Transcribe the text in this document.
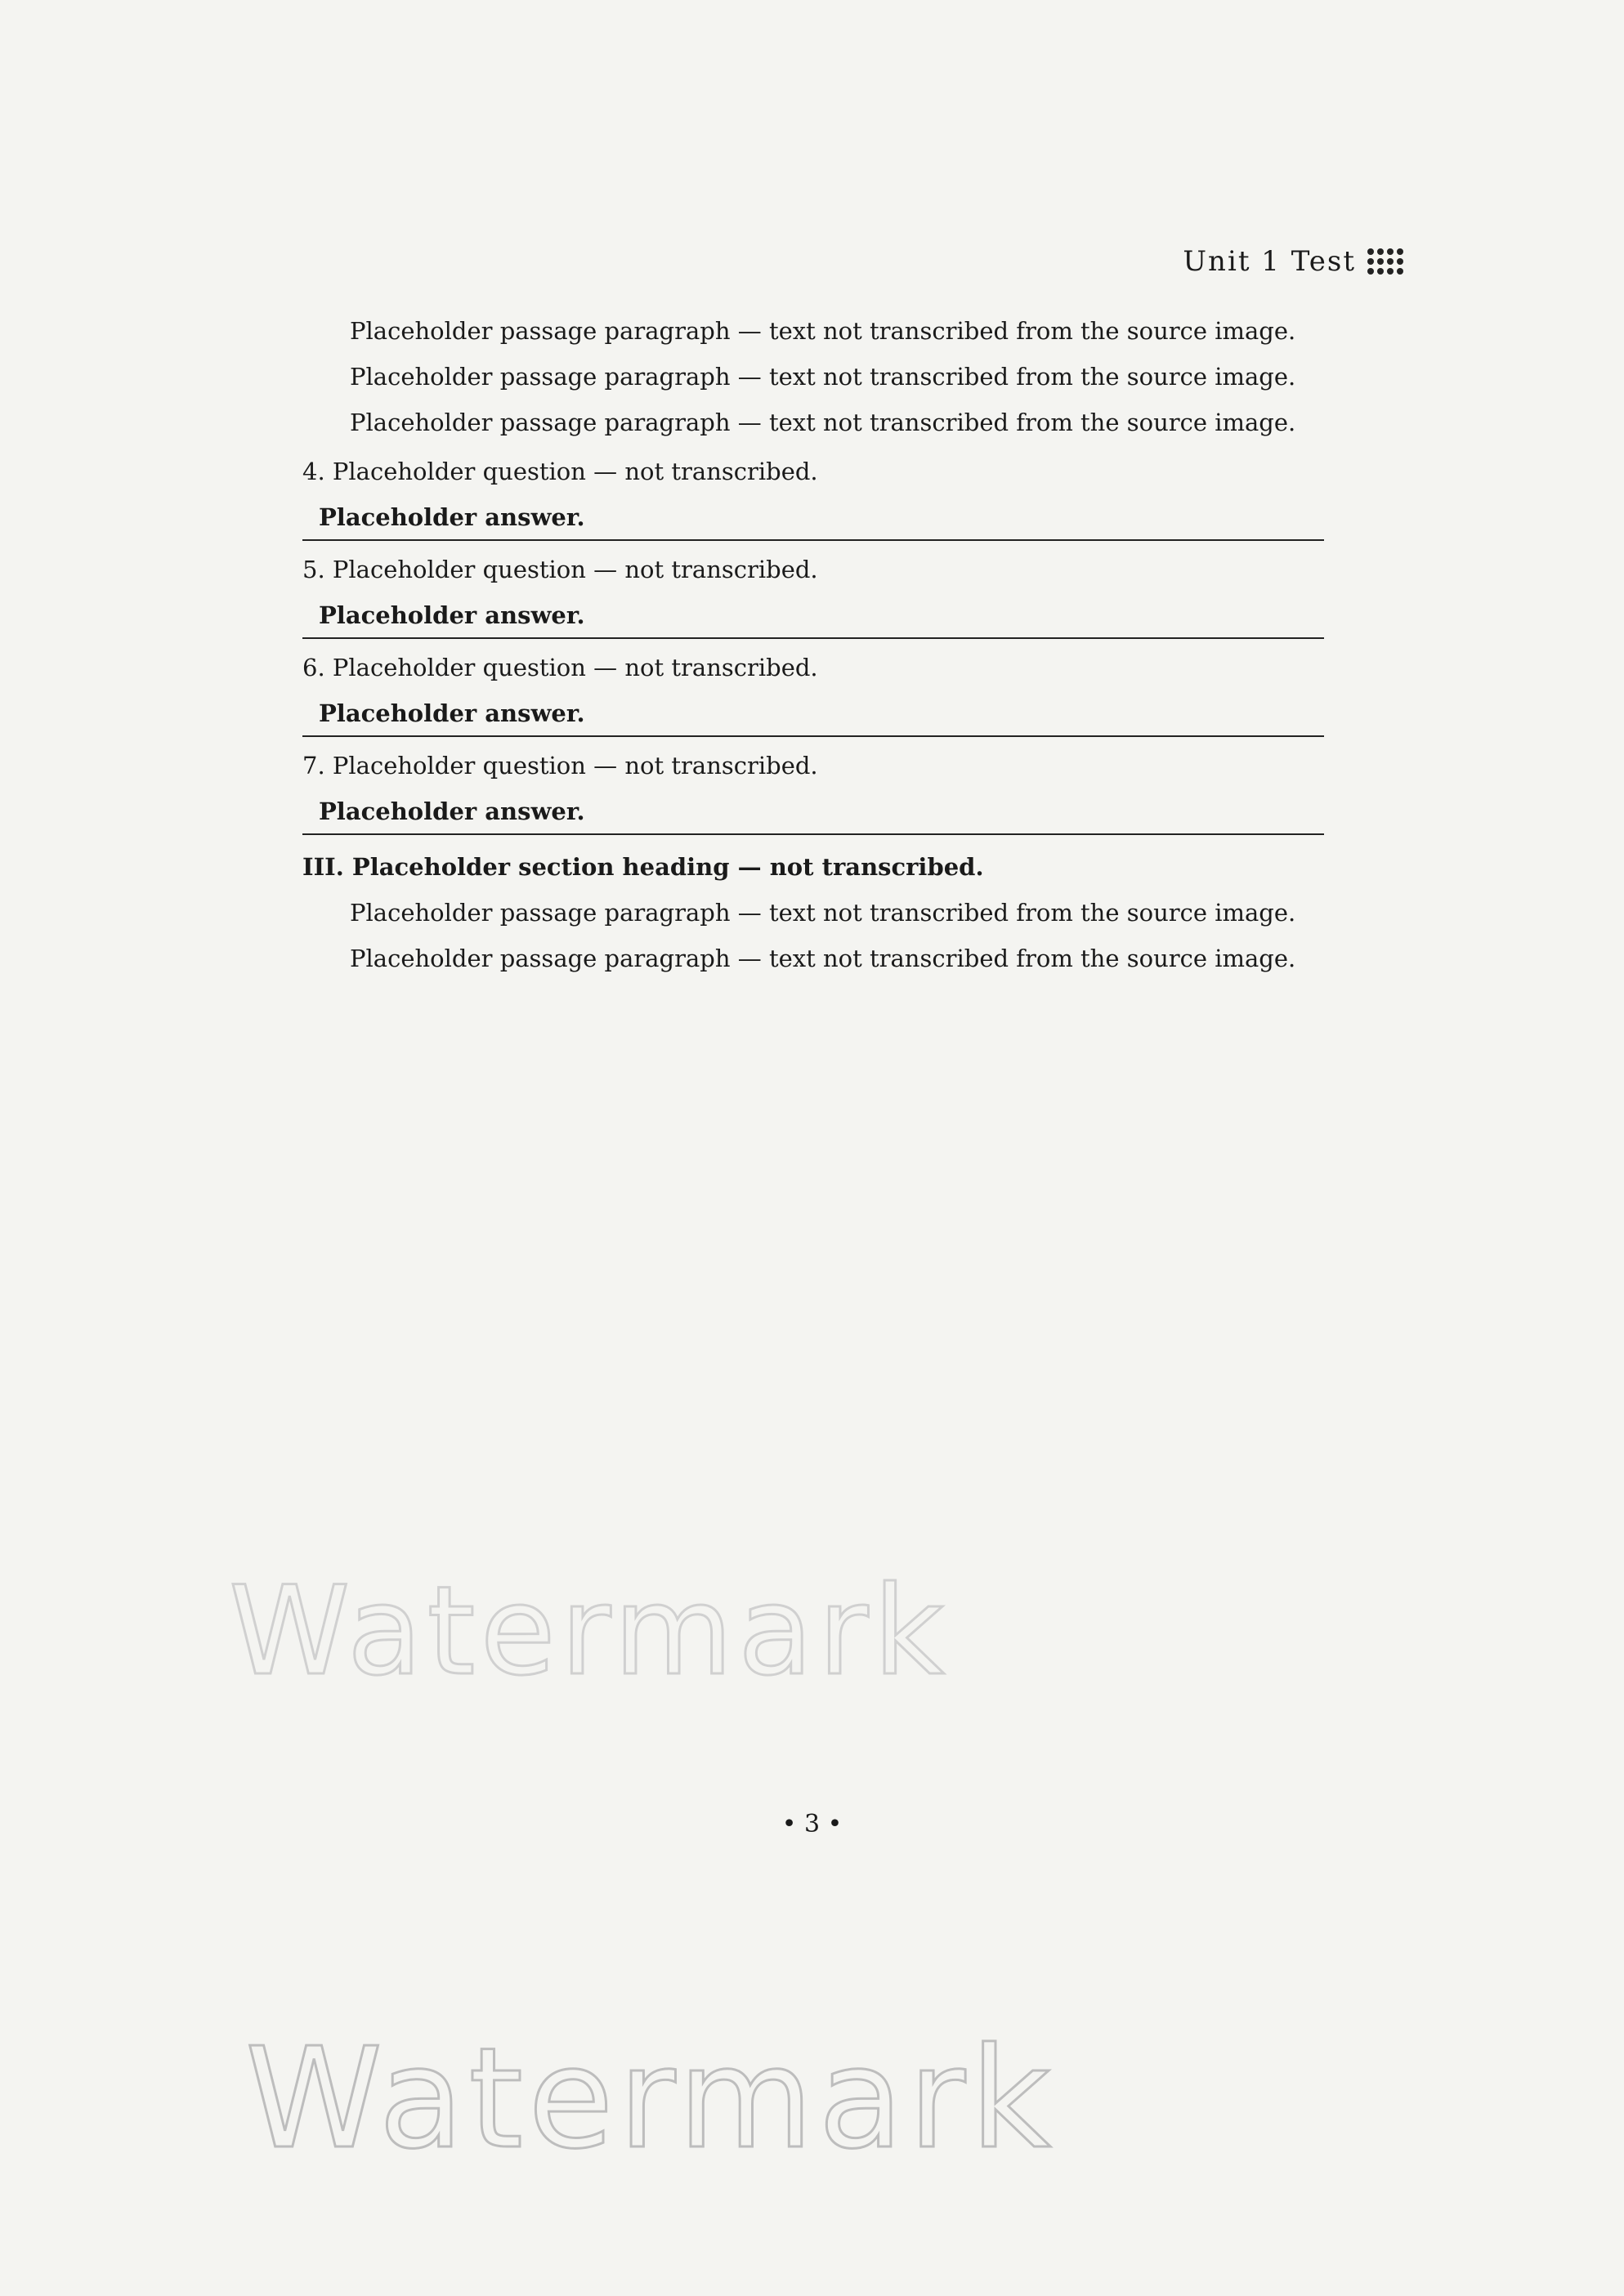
Unit 1 Test

Placeholder passage paragraph — text not transcribed from the source image.

Placeholder passage paragraph — text not transcribed from the source image.

Placeholder passage paragraph — text not transcribed from the source image.

4. Placeholder question — not transcribed.
Placeholder answer.
5. Placeholder question — not transcribed.
Placeholder answer.
6. Placeholder question — not transcribed.
Placeholder answer.
7. Placeholder question — not transcribed.
Placeholder answer.
III. Placeholder section heading — not transcribed.

Placeholder passage paragraph — text not transcribed from the source image.

Placeholder passage paragraph — text not transcribed from the source image.

Watermark
• 3 •
Watermark
